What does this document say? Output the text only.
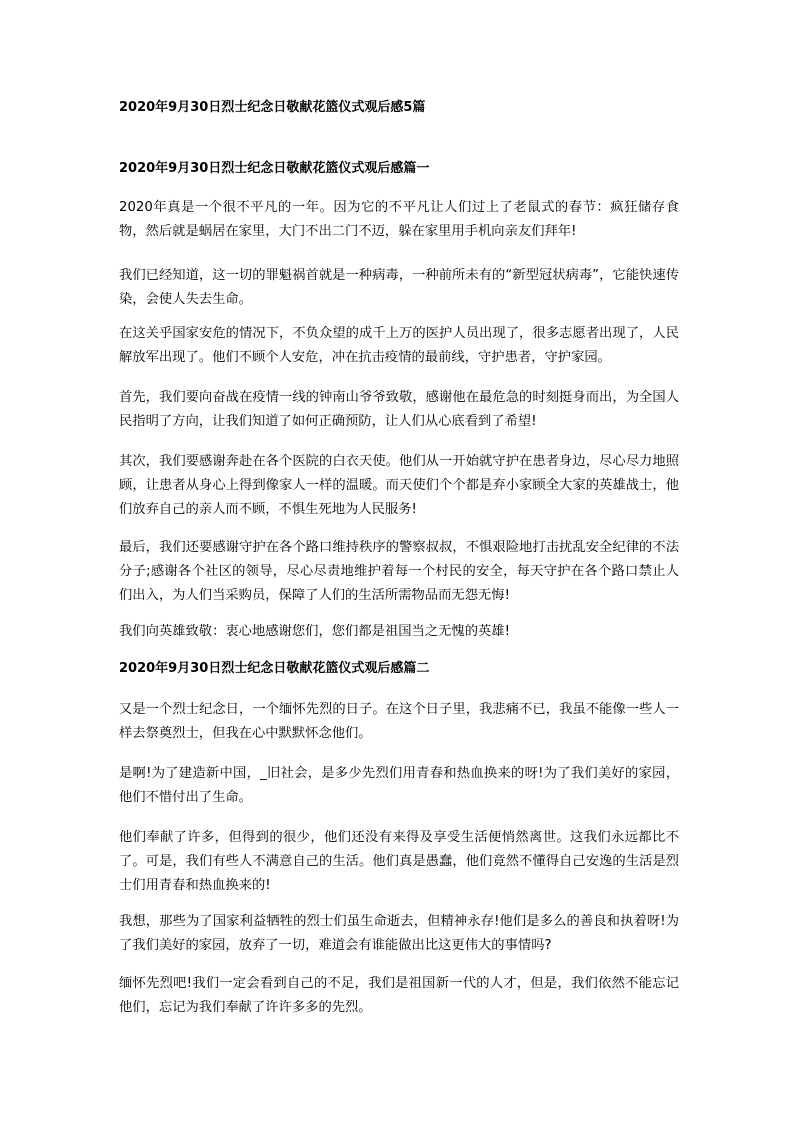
2020年9月30日烈士纪念日敬献花篮仪式观后感5篇
2020年9月30日烈士纪念日敬献花篮仪式观后感篇一

2020年真是一个很不平凡的一年。因为它的不平凡让人们过上了老鼠式的春节：疯狂储存食物，然后就是蜗居在家里，大门不出二门不迈，躲在家里用手机向亲友们拜年!

我们已经知道，这一切的罪魁祸首就是一种病毒，一种前所未有的“新型冠状病毒”，它能快速传染，会使人失去生命。

在这关乎国家安危的情况下，不负众望的成千上万的医护人员出现了，很多志愿者出现了，人民解放军出现了。他们不顾个人安危，冲在抗击疫情的最前线，守护患者，守护家园。

首先，我们要向奋战在疫情一线的钟南山爷爷致敬，感谢他在最危急的时刻挺身而出，为全国人民指明了方向，让我们知道了如何正确预防，让人们从心底看到了希望!

其次，我们要感谢奔赴在各个医院的白衣天使。他们从一开始就守护在患者身边，尽心尽力地照顾，让患者从身心上得到像家人一样的温暖。而天使们个个都是弃小家顾全大家的英雄战士，他们放弃自己的亲人而不顾，不惧生死地为人民服务!

最后，我们还要感谢守护在各个路口维持秩序的警察叔叔，不惧艰险地打击扰乱安全纪律的不法分子;感谢各个社区的领导，尽心尽责地维护着每一个村民的安全，每天守护在各个路口禁止人们出入，为人们当采购员，保障了人们的生活所需物品而无怨无悔!

我们向英雄致敬：衷心地感谢您们，您们都是祖国当之无愧的英雄!

2020年9月30日烈士纪念日敬献花篮仪式观后感篇二

又是一个烈士纪念日，一个缅怀先烈的日子。在这个日子里，我悲痛不已，我虽不能像一些人一样去祭奠烈士，但我在心中默默怀念他们。

是啊!为了建造新中国，_旧社会，是多少先烈们用青春和热血换来的呀!为了我们美好的家园，他们不惜付出了生命。

他们奉献了许多，但得到的很少，他们还没有来得及享受生活便悄然离世。这我们永远都比不了。可是，我们有些人不满意自己的生活。他们真是愚蠢，他们竟然不懂得自己安逸的生活是烈士们用青春和热血换来的!

我想，那些为了国家利益牺牲的烈士们虽生命逝去，但精神永存!他们是多么的善良和执着呀!为了我们美好的家园，放弃了一切，难道会有谁能做出比这更伟大的事情吗?

缅怀先烈吧!我们一定会看到自己的不足，我们是祖国新一代的人才，但是，我们依然不能忘记他们，忘记为我们奉献了许许多多的先烈。
